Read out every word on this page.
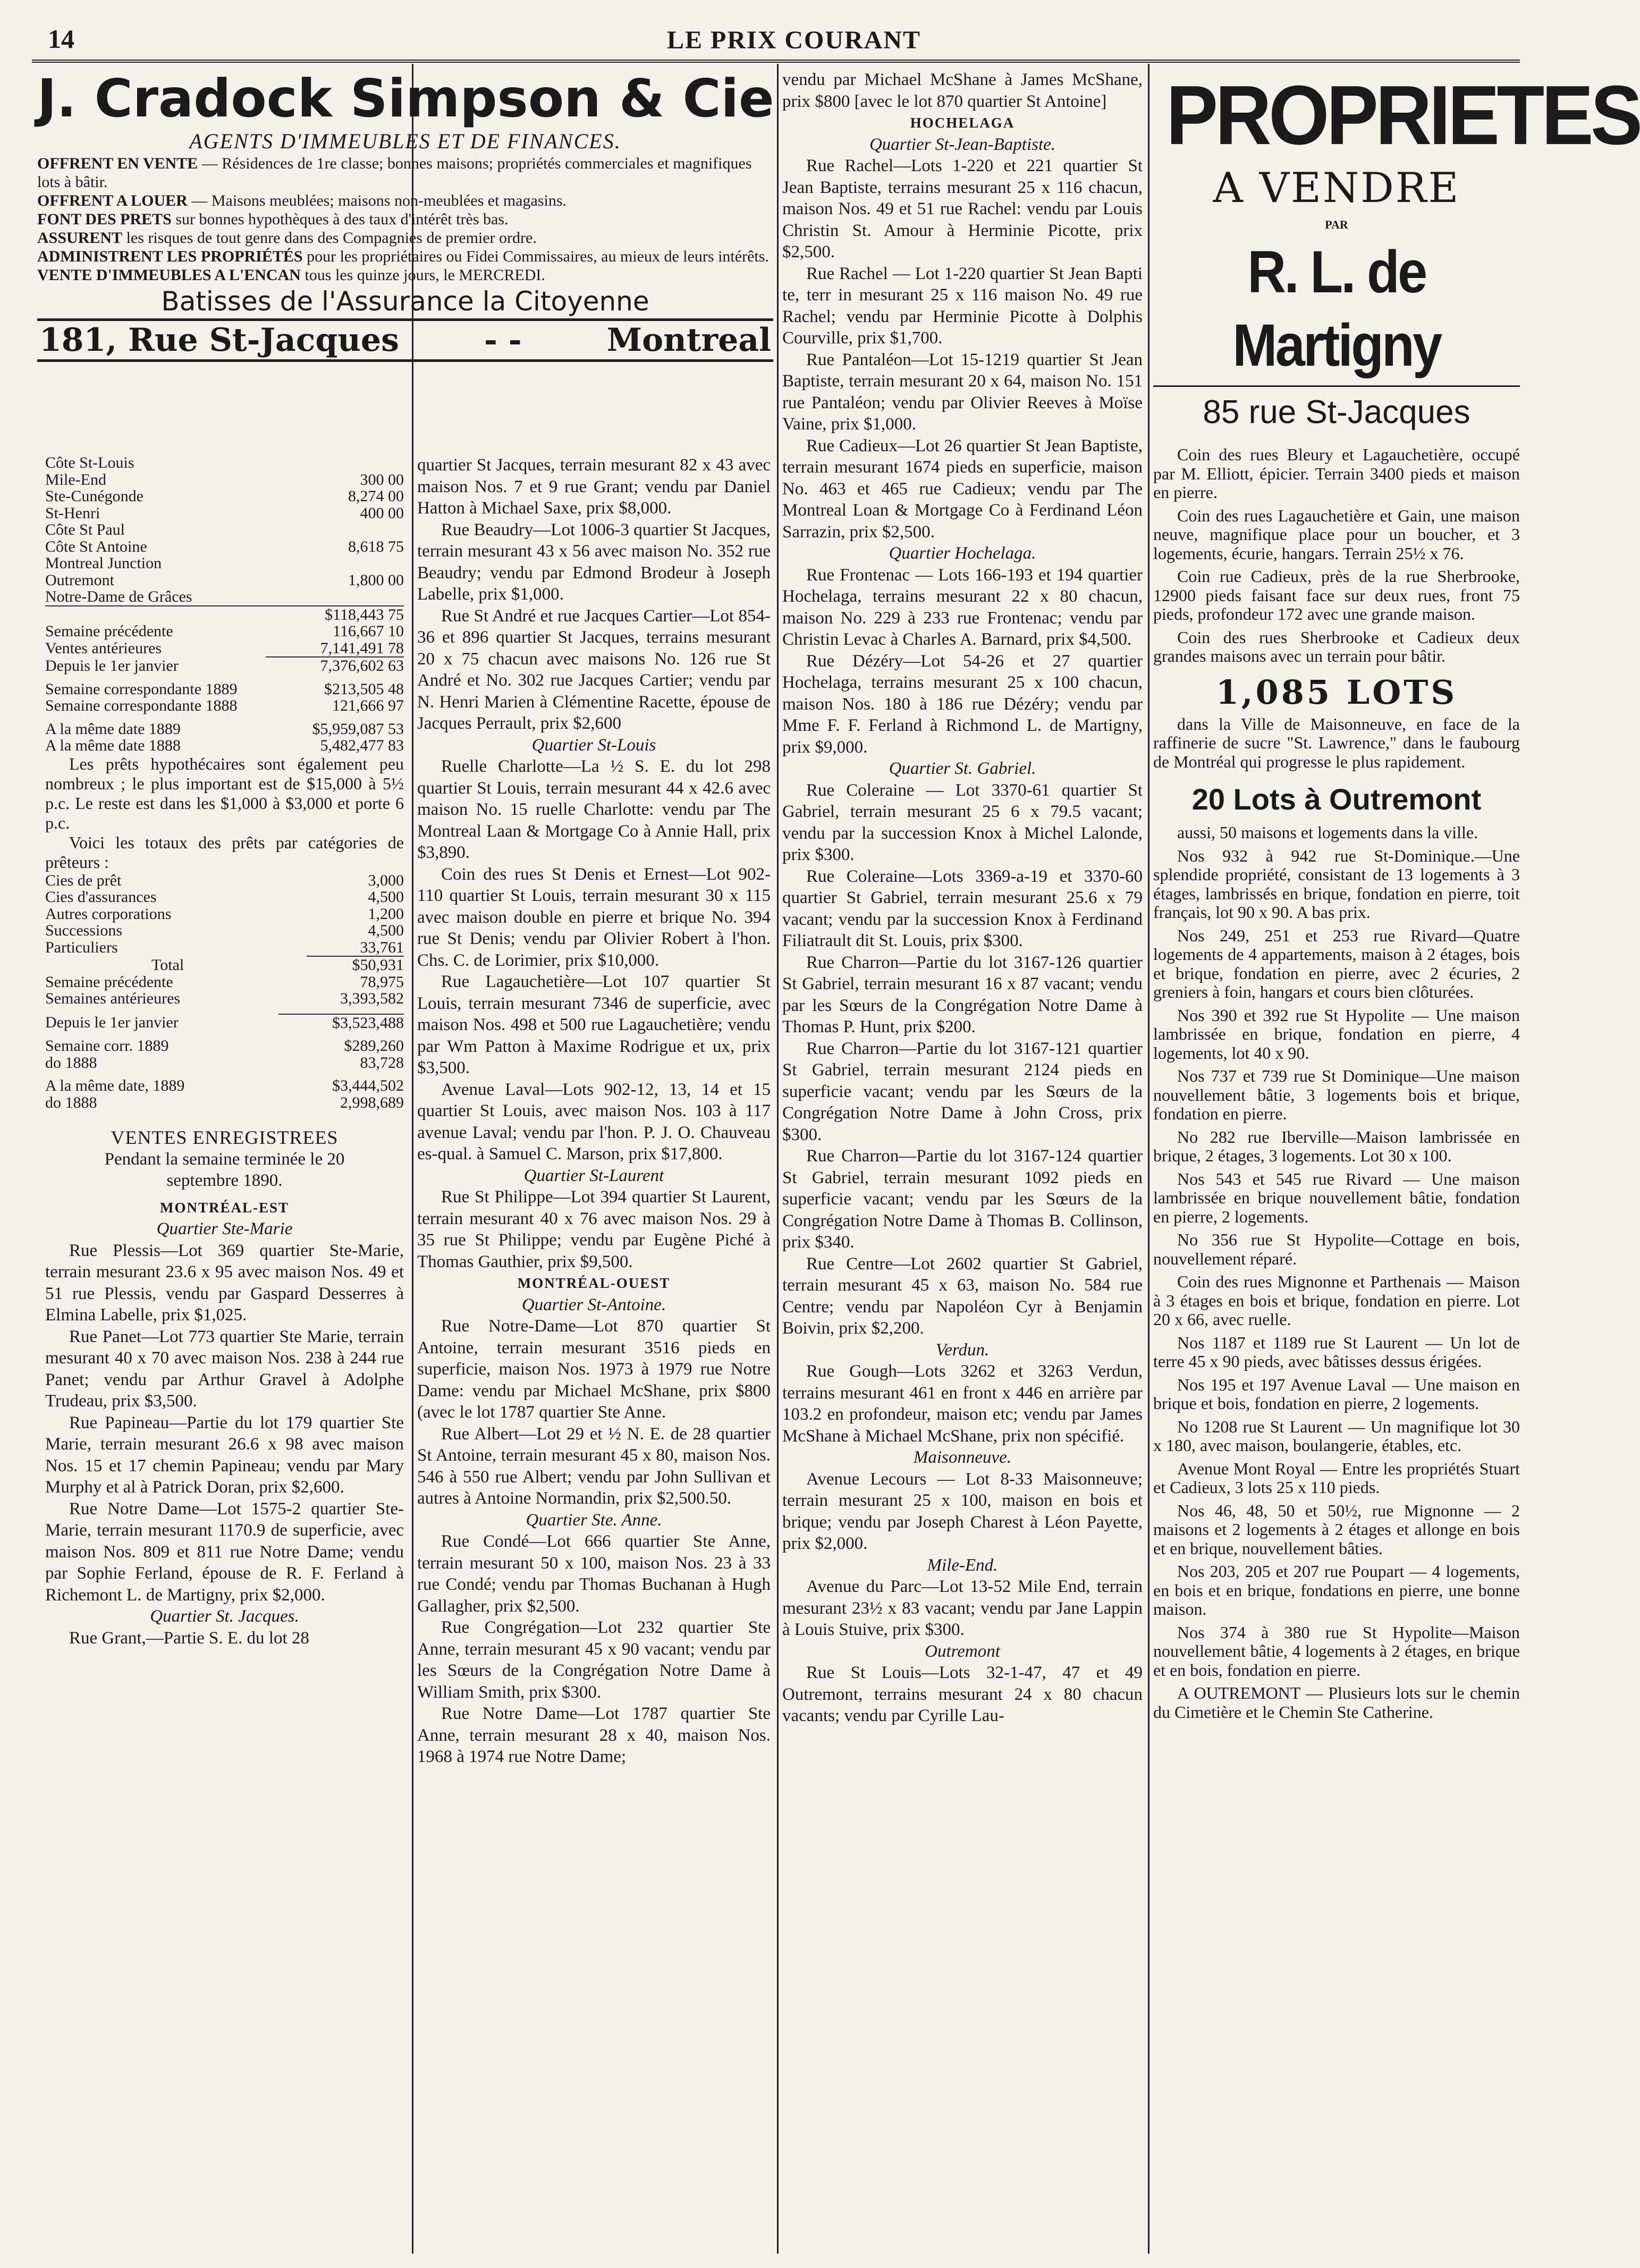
14	LE PRIX COURANT
J. Cradock Simpson & Cie
AGENTS D'IMMEUBLES ET DE FINANCES.
OFFRENT EN VENTE — Résidences de 1re classe; bonnes maisons; propriétés commerciales et magnifiques lots à bâtir.
OFFRENT A LOUER — Maisons meublées; maisons non-meublées et magasins.
FONT DES PRETS sur bonnes hypothèques à des taux d'intérêt très bas.
ASSURENT les risques de tout genre dans des Compagnies de premier ordre.
ADMINISTRENT LES PROPRIÉTÉS pour les propriétaires ou Fidei Commissaires, au mieux de leurs intérêts.
VENTE D'IMMEUBLES A L'ENCAN tous les quinze jours, le MERCREDI.
Batisses de l'Assurance la Citoyenne
181, Rue St-Jacques	- -	Montreal
Côte St-Louis	
Mile-End	300 00
Ste-Cunégonde	8,274 00
St-Henri	400 00
Côte St Paul	
Côte St Antoine	8,618 75
Montreal Junction	
Outremont	1,800 00
Notre-Dame de Grâces	
	$118,443 75
Semaine précédente	116,667 10
Ventes antérieures	7,141,491 78
Depuis le 1er janvier	7,376,602 63
Semaine correspondante 1889	$213,505 48
Semaine correspondante 1888	121,666 97
A la même date 1889	$5,959,087 53
A la même date 1888	5,482,477 83

Les prêts hypothécaires sont également peu nombreux ; le plus important est de $15,000 à 5½ p.c. Le reste est dans les $1,000 à $3,000 et porte 6 p.c.

Voici les totaux des prêts par catégories de prêteurs :

Cies de prêt	3,000
Cies d'assurances	4,500
Autres corporations	1,200
Successions	4,500
Particuliers	33,761
Total	$50,931
Semaine précédente	78,975
Semaines antérieures	3,393,582
Depuis le 1er janvier	$3,523,488
Semaine corr. 1889	$289,260
do 1888	83,728
A la même date, 1889	$3,444,502
do 1888	2,998,689

VENTES ENREGISTREES

Pendant la semaine terminée le 20 septembre 1890.

MONTRÉAL-EST

Quartier Ste-Marie

Rue Plessis—Lot 369 quartier Ste-Marie, terrain mesurant 23.6 x 95 avec maison Nos. 49 et 51 rue Plessis, vendu par Gaspard Desserres à Elmina Labelle, prix $1,025.

Rue Panet—Lot 773 quartier Ste Marie, terrain mesurant 40 x 70 avec maison Nos. 238 à 244 rue Panet; vendu par Arthur Gravel à Adolphe Trudeau, prix $3,500.

Rue Papineau—Partie du lot 179 quartier Ste Marie, terrain mesurant 26.6 x 98 avec maison Nos. 15 et 17 chemin Papineau; vendu par Mary Murphy et al à Patrick Doran, prix $2,600.

Rue Notre Dame—Lot 1575-2 quartier Ste-Marie, terrain mesurant 1170.9 de superficie, avec maison Nos. 809 et 811 rue Notre Dame; vendu par Sophie Ferland, épouse de R. F. Ferland à Richemont L. de Martigny, prix $2,000.

Quartier St. Jacques.

Rue Grant,—Partie S. E. du lot 28

quartier St Jacques, terrain mesurant 82 x 43 avec maison Nos. 7 et 9 rue Grant; vendu par Daniel Hatton à Michael Saxe, prix $8,000.

Rue Beaudry—Lot 1006-3 quartier St Jacques, terrain mesurant 43 x 56 avec maison No. 352 rue Beaudry; vendu par Edmond Brodeur à Joseph Labelle, prix $1,000.

Rue St André et rue Jacques Cartier—Lot 854-36 et 896 quartier St Jacques, terrains mesurant 20 x 75 chacun avec maisons No. 126 rue St André et No. 302 rue Jacques Cartier; vendu par N. Henri Marien à Clémentine Racette, épouse de Jacques Perrault, prix $2,600

Quartier St-Louis

Ruelle Charlotte—La ½ S. E. du lot 298 quartier St Louis, terrain mesurant 44 x 42.6 avec maison No. 15 ruelle Charlotte: vendu par The Montreal Laan & Mortgage Co à Annie Hall, prix $3,890.

Coin des rues St Denis et Ernest—Lot 902-110 quartier St Louis, terrain mesurant 30 x 115 avec maison double en pierre et brique No. 394 rue St Denis; vendu par Olivier Robert à l'hon. Chs. C. de Lorimier, prix $10,000.

Rue Lagauchetière—Lot 107 quartier St Louis, terrain mesurant 7346 de superficie, avec maison Nos. 498 et 500 rue Lagauchetière; vendu par Wm Patton à Maxime Rodrigue et ux, prix $3,500.

Avenue Laval—Lots 902-12, 13, 14 et 15 quartier St Louis, avec maison Nos. 103 à 117 avenue Laval; vendu par l'hon. P. J. O. Chauveau es-qual. à Samuel C. Marson, prix $17,800.

Quartier St-Laurent

Rue St Philippe—Lot 394 quartier St Laurent, terrain mesurant 40 x 76 avec maison Nos. 29 à 35 rue St Philippe; vendu par Eugène Piché à Thomas Gauthier, prix $9,500.

MONTRÉAL-OUEST

Quartier St-Antoine.

Rue Notre-Dame—Lot 870 quartier St Antoine, terrain mesurant 3516 pieds en superficie, maison Nos. 1973 à 1979 rue Notre Dame: vendu par Michael McShane, prix $800 (avec le lot 1787 quartier Ste Anne.

Rue Albert—Lot 29 et ½ N. E. de 28 quartier St Antoine, terrain mesurant 45 x 80, maison Nos. 546 à 550 rue Albert; vendu par John Sullivan et autres à Antoine Normandin, prix $2,500.50.

Quartier Ste. Anne.

Rue Condé—Lot 666 quartier Ste Anne, terrain mesurant 50 x 100, maison Nos. 23 à 33 rue Condé; vendu par Thomas Buchanan à Hugh Gallagher, prix $2,500.

Rue Congrégation—Lot 232 quartier Ste Anne, terrain mesurant 45 x 90 vacant; vendu par les Sœurs de la Congrégation Notre Dame à William Smith, prix $300.

Rue Notre Dame—Lot 1787 quartier Ste Anne, terrain mesurant 28 x 40, maison Nos. 1968 à 1974 rue Notre Dame;

vendu par Michael McShane à James McShane, prix $800 [avec le lot 870 quartier St Antoine]

HOCHELAGA

Quartier St-Jean-Baptiste.

Rue Rachel—Lots 1-220 et 221 quartier St Jean Baptiste, terrains mesurant 25 x 116 chacun, maison Nos. 49 et 51 rue Rachel: vendu par Louis Christin St. Amour à Herminie Picotte, prix $2,500.

Rue Rachel — Lot 1-220 quartier St Jean Bapti te, terr in mesurant 25 x 116 maison No. 49 rue Rachel; vendu par Herminie Picotte à Dolphis Courville, prix $1,700.

Rue Pantaléon—Lot 15-1219 quartier St Jean Baptiste, terrain mesurant 20 x 64, maison No. 151 rue Pantaléon; vendu par Olivier Reeves à Moïse Vaine, prix $1,000.

Rue Cadieux—Lot 26 quartier St Jean Baptiste, terrain mesurant 1674 pieds en superficie, maison No. 463 et 465 rue Cadieux; vendu par The Montreal Loan & Mortgage Co à Ferdinand Léon Sarrazin, prix $2,500.

Quartier Hochelaga.

Rue Frontenac — Lots 166-193 et 194 quartier Hochelaga, terrains mesurant 22 x 80 chacun, maison No. 229 à 233 rue Frontenac; vendu par Christin Levac à Charles A. Barnard, prix $4,500.

Rue Dézéry—Lot 54-26 et 27 quartier Hochelaga, terrains mesurant 25 x 100 chacun, maison Nos. 180 à 186 rue Dézéry; vendu par Mme F. F. Ferland à Richmond L. de Martigny, prix $9,000.

Quartier St. Gabriel.

Rue Coleraine — Lot 3370-61 quartier St Gabriel, terrain mesurant 25 6 x 79.5 vacant; vendu par la succession Knox à Michel Lalonde, prix $300.

Rue Coleraine—Lots 3369-a-19 et 3370-60 quartier St Gabriel, terrain mesurant 25.6 x 79 vacant; vendu par la succession Knox à Ferdinand Filiatrault dit St. Louis, prix $300.

Rue Charron—Partie du lot 3167-126 quartier St Gabriel, terrain mesurant 16 x 87 vacant; vendu par les Sœurs de la Congrégation Notre Dame à Thomas P. Hunt, prix $200.

Rue Charron—Partie du lot 3167-121 quartier St Gabriel, terrain mesurant 2124 pieds en superficie vacant; vendu par les Sœurs de la Congrégation Notre Dame à John Cross, prix $300.

Rue Charron—Partie du lot 3167-124 quartier St Gabriel, terrain mesurant 1092 pieds en superficie vacant; vendu par les Sœurs de la Congrégation Notre Dame à Thomas B. Collinson, prix $340.

Rue Centre—Lot 2602 quartier St Gabriel, terrain mesurant 45 x 63, maison No. 584 rue Centre; vendu par Napoléon Cyr à Benjamin Boivin, prix $2,200.

Verdun.

Rue Gough—Lots 3262 et 3263 Verdun, terrains mesurant 461 en front x 446 en arrière par 103.2 en profondeur, maison etc; vendu par James McShane à Michael McShane, prix non spécifié.

Maisonneuve.

Avenue Lecours — Lot 8-33 Maisonneuve; terrain mesurant 25 x 100, maison en bois et brique; vendu par Joseph Charest à Léon Payette, prix $2,000.

Mile-End.

Avenue du Parc—Lot 13-52 Mile End, terrain mesurant 23½ x 83 vacant; vendu par Jane Lappin à Louis Stuive, prix $300.

Outremont

Rue St Louis—Lots 32-1-47, 47 et 49 Outremont, terrains mesurant 24 x 80 chacun vacants; vendu par Cyrille Lau-

PROPRIETES
A VENDRE
PAR
R. L. de Martigny
85 rue St-Jacques

Coin des rues Bleury et Lagauchetière, occupé par M. Elliott, épicier. Terrain 3400 pieds et maison en pierre.

Coin des rues Lagauchetière et Gain, une maison neuve, magnifique place pour un boucher, et 3 logements, écurie, hangars. Terrain 25½ x 76.

Coin rue Cadieux, près de la rue Sherbrooke, 12900 pieds faisant face sur deux rues, front 75 pieds, profondeur 172 avec une grande maison.

Coin des rues Sherbrooke et Cadieux deux grandes maisons avec un terrain pour bâtir.

1,085 LOTS

dans la Ville de Maisonneuve, en face de la raffinerie de sucre "St. Lawrence," dans le faubourg de Montréal qui progresse le plus rapidement.

20 Lots à Outremont

aussi, 50 maisons et logements dans la ville.

Nos 932 à 942 rue St-Dominique.—Une splendide propriété, consistant de 13 logements à 3 étages, lambrissés en brique, fondation en pierre, toit français, lot 90 x 90. A bas prix.

Nos 249, 251 et 253 rue Rivard—Quatre logements de 4 appartements, maison à 2 étages, bois et brique, fondation en pierre, avec 2 écuries, 2 greniers à foin, hangars et cours bien clôturées.

Nos 390 et 392 rue St Hypolite — Une maison lambrissée en brique, fondation en pierre, 4 logements, lot 40 x 90.

Nos 737 et 739 rue St Dominique—Une maison nouvellement bâtie, 3 logements bois et brique, fondation en pierre.

No 282 rue Iberville—Maison lambrissée en brique, 2 étages, 3 logements. Lot 30 x 100.

Nos 543 et 545 rue Rivard — Une maison lambrissée en brique nouvellement bâtie, fondation en pierre, 2 logements.

No 356 rue St Hypolite—Cottage en bois, nouvellement réparé.

Coin des rues Mignonne et Parthenais — Maison à 3 étages en bois et brique, fondation en pierre. Lot 20 x 66, avec ruelle.

Nos 1187 et 1189 rue St Laurent — Un lot de terre 45 x 90 pieds, avec bâtisses dessus érigées.

Nos 195 et 197 Avenue Laval — Une maison en brique et bois, fondation en pierre, 2 logements.

No 1208 rue St Laurent — Un magnifique lot 30 x 180, avec maison, boulangerie, étables, etc.

Avenue Mont Royal — Entre les propriétés Stuart et Cadieux, 3 lots 25 x 110 pieds.

Nos 46, 48, 50 et 50½, rue Mignonne — 2 maisons et 2 logements à 2 étages et allonge en bois et en brique, nouvellement bâties.

Nos 203, 205 et 207 rue Poupart — 4 logements, en bois et en brique, fondations en pierre, une bonne maison.

Nos 374 à 380 rue St Hypolite—Maison nouvellement bâtie, 4 logements à 2 étages, en brique et en bois, fondation en pierre.

A OUTREMONT — Plusieurs lots sur le chemin du Cimetière et le Chemin Ste Catherine.
